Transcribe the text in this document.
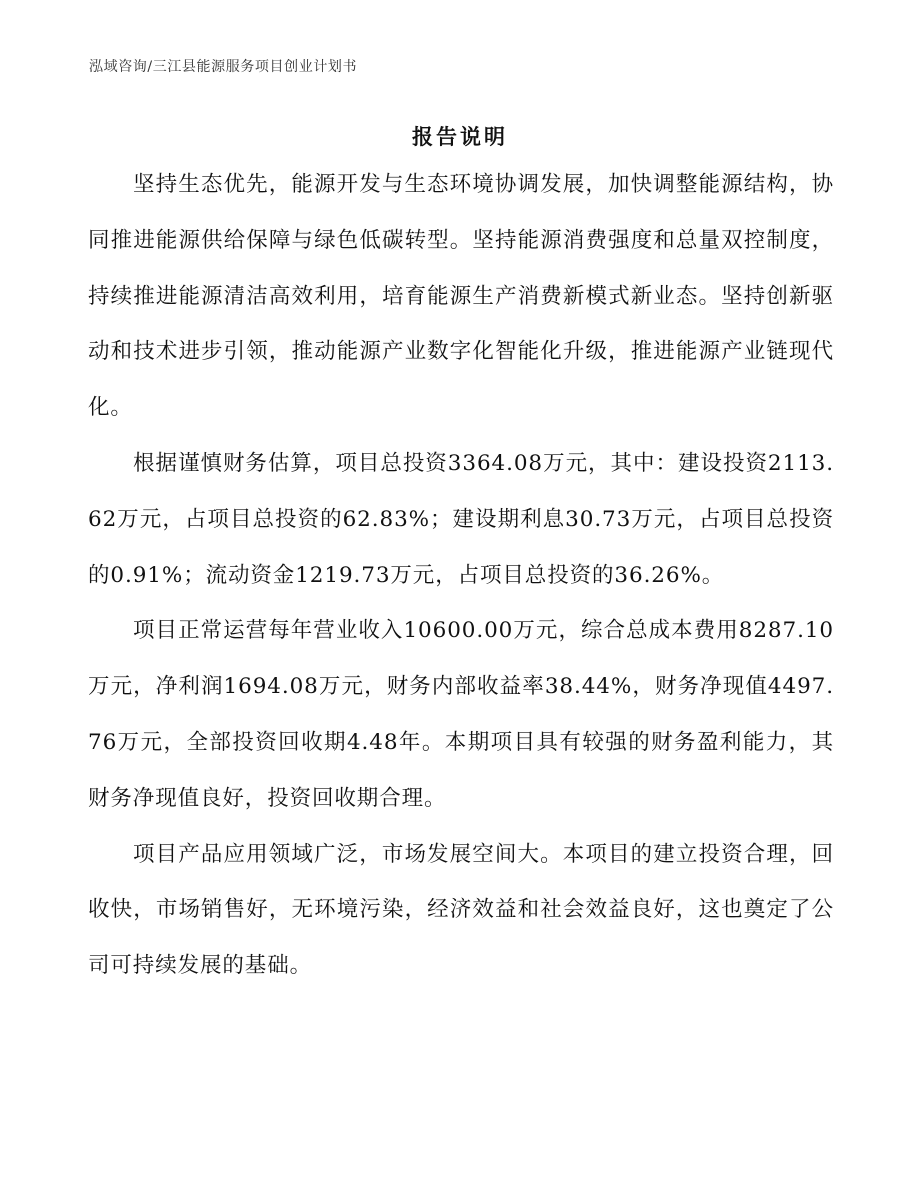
泓域咨询/三江县能源服务项目创业计划书
报告说明

坚持生态优先，能源开发与生态环境协调发展，加快调整能源结构，协同推进能源供给保障与绿色低碳转型。坚持能源消费强度和总量双控制度，持续推进能源清洁高效利用，培育能源生产消费新模式新业态。坚持创新驱动和技术进步引领，推动能源产业数字化智能化升级，推进能源产业链现代化。

根据谨慎财务估算，项目总投资3364.08万元，其中：建设投资2113.62万元，占项目总投资的62.83%；建设期利息30.73万元，占项目总投资的0.91%；流动资金1219.73万元，占项目总投资的36.26%。

项目正常运营每年营业收入10600.00万元，综合总成本费用8287.10万元，净利润1694.08万元，财务内部收益率38.44%，财务净现值4497.76万元，全部投资回收期4.48年。本期项目具有较强的财务盈利能力，其财务净现值良好，投资回收期合理。

项目产品应用领域广泛，市场发展空间大。本项目的建立投资合理，回收快，市场销售好，无环境污染，经济效益和社会效益良好，这也奠定了公司可持续发展的基础。
